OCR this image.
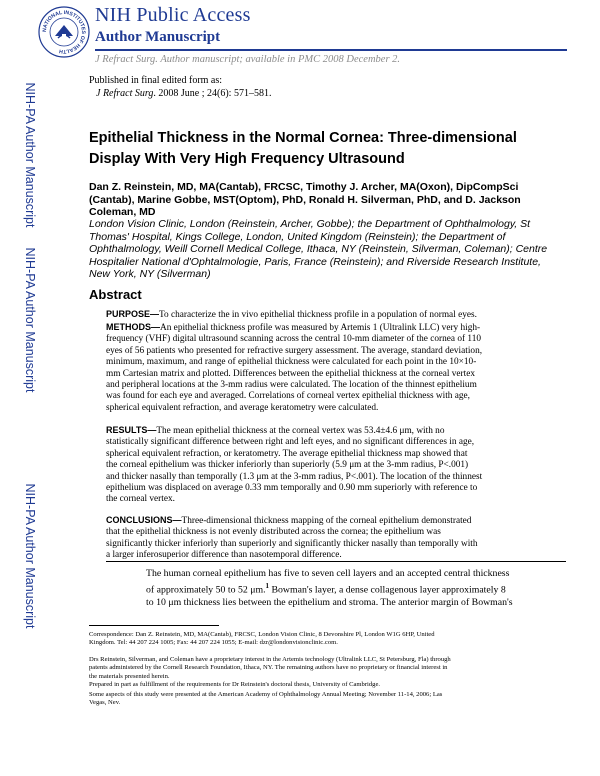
NATIONAL INSTITUTES OF HEALTH
NIH Public Access
Author Manuscript
J Refract Surg. Author manuscript; available in PMC 2008 December 2.
NIH-PA Author Manuscript
NIH-PA Author Manuscript
NIH-PA Author Manuscript
Published in final edited form as:
J Refract Surg. 2008 June ; 24(6): 571–581.
Epithelial Thickness in the Normal Cornea: Three-dimensional
Display With Very High Frequency Ultrasound
Dan Z. Reinstein, MD, MA(Cantab), FRCSC, Timothy J. Archer, MA(Oxon), DipCompSci
(Cantab), Marine Gobbe, MST(Optom), PhD, Ronald H. Silverman, PhD, and D. Jackson
Coleman, MD
London Vision Clinic, London (Reinstein, Archer, Gobbe); the Department of Ophthalmology, St
Thomas' Hospital, Kings College, London, United Kingdom (Reinstein); the Department of
Ophthalmology, Weill Cornell Medical College, Ithaca, NY (Reinstein, Silverman, Coleman); Centre
Hospitalier National d'Ophtalmologie, Paris, France (Reinstein); and Riverside Research Institute,
New York, NY (Silverman)
Abstract
PURPOSE—To characterize the in vivo epithelial thickness profile in a population of normal eyes.
METHODS—An epithelial thickness profile was measured by Artemis 1 (Ultralink LLC) very high-
frequency (VHF) digital ultrasound scanning across the central 10-mm diameter of the cornea of 110
eyes of 56 patients who presented for refractive surgery assessment. The average, standard deviation,
minimum, maximum, and range of epithelial thickness were calculated for each point in the 10×10-
mm Cartesian matrix and plotted. Differences between the epithelial thickness at the corneal vertex
and peripheral locations at the 3-mm radius were calculated. The location of the thinnest epithelium
was found for each eye and averaged. Correlations of corneal vertex epithelial thickness with age,
spherical equivalent refraction, and average keratometry were calculated.
RESULTS—The mean epithelial thickness at the corneal vertex was 53.4±4.6 μm, with no
statistically significant difference between right and left eyes, and no significant differences in age,
spherical equivalent refraction, or keratometry. The average epithelial thickness map showed that
the corneal epithelium was thicker inferiorly than superiorly (5.9 μm at the 3-mm radius, P<.001)
and thicker nasally than temporally (1.3 μm at the 3-mm radius, P<.001). The location of the thinnest
epithelium was displaced on average 0.33 mm temporally and 0.90 mm superiorly with reference to
the corneal vertex.
CONCLUSIONS—Three-dimensional thickness mapping of the corneal epithelium demonstrated
that the epithelial thickness is not evenly distributed across the cornea; the epithelium was
significantly thicker inferiorly than superiorly and significantly thicker nasally than temporally with
a larger inferosuperior difference than nasotemporal difference.
The human corneal epithelium has five to seven cell layers and an accepted central thickness
of approximately 50 to 52 μm.$^1$ Bowman's layer, a dense collagenous layer approximately 8
to 10 μm thickness lies between the epithelium and stroma. The anterior margin of Bowman's
Correspondence: Dan Z. Reinstein, MD, MA(Cantab), FRCSC, London Vision Clinic, 8 Devonshire Pl, London W1G 6HP, United
Kingdom. Tel: 44 207 224 1005; Fax: 44 207 224 1055; E-mail: dzr@londonvisionclinic.com.
Drs Reinstein, Silverman, and Coleman have a proprietary interest in the Artemis technology (Ultralink LLC, St Petersburg, Fla) through
patents administered by the Cornell Research Foundation, Ithaca, NY. The remaining authors have no proprietary or financial interest in
the materials presented herein.
Prepared in part as fulfillment of the requirements for Dr Reinstein's doctoral thesis, University of Cambridge.
Some aspects of this study were presented at the American Academy of Ophthalmology Annual Meeting; November 11-14, 2006; Las
Vegas, Nev.
